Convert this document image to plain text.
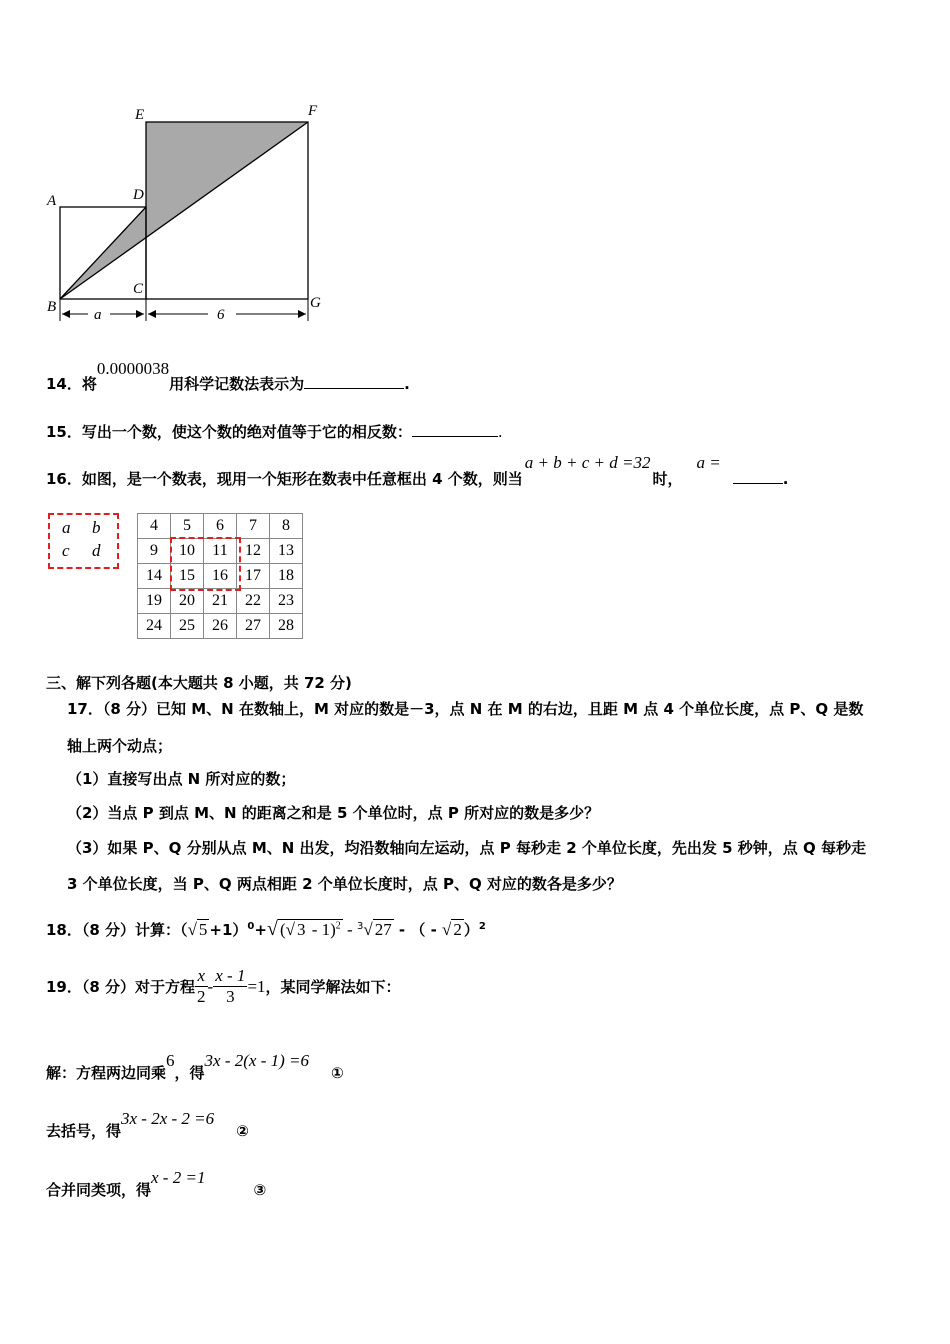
A
B
C
D
E	F
G
a	6
14．将0.0000038用科学记数法表示为	.
15．写出一个数，使这个数的绝对值等于它的相反数：	.
16．如图，是一个数表，现用一个矩形在数表中任意框出 4 个数，则当a + b + c + d =32时，a =.
a b
c d
4	5	6	7	8
9	10	11	12	13
14	15	16	17	18
19	20	21	22	23
24	25	26	27	28
三、解下列各题(本大题共 8 小题，共 72 分)
17．（8 分）已知 M、N 在数轴上，M 对应的数是－3，点 N 在 M 的右边，且距 M 点 4 个单位长度，点 P、Q 是数
轴上两个动点；
（1）直接写出点 N 所对应的数；
（2）当点 P 到点 M、N 的距离之和是 5 个单位时，点 P 所对应的数是多少？
（3）如果 P、Q 分别从点 M、N 出发，均沿数轴向左运动，点 P 每秒走 2 个单位长度，先出发 5 秒钟，点 Q 每秒走
3 个单位长度，当 P、Q 两点相距 2 个单位长度时，点 P、Q 对应的数各是多少？
18．（8 分）计算：（√ 5 +1）$^0$+√ (√ 3 - 1)$^2$ - $^3$√ 27 - （ - √ 2 ）$^2$
19．（8 分）对于方程 $\frac{x}{2} - \frac{x - 1}{3} =1$ ，某同学解法如下：
解：方程两边同乘6，得3x - 2(x - 1) =6①
去括号，得3x - 2x - 2 =6②
合并同类项，得x - 2 =1③
